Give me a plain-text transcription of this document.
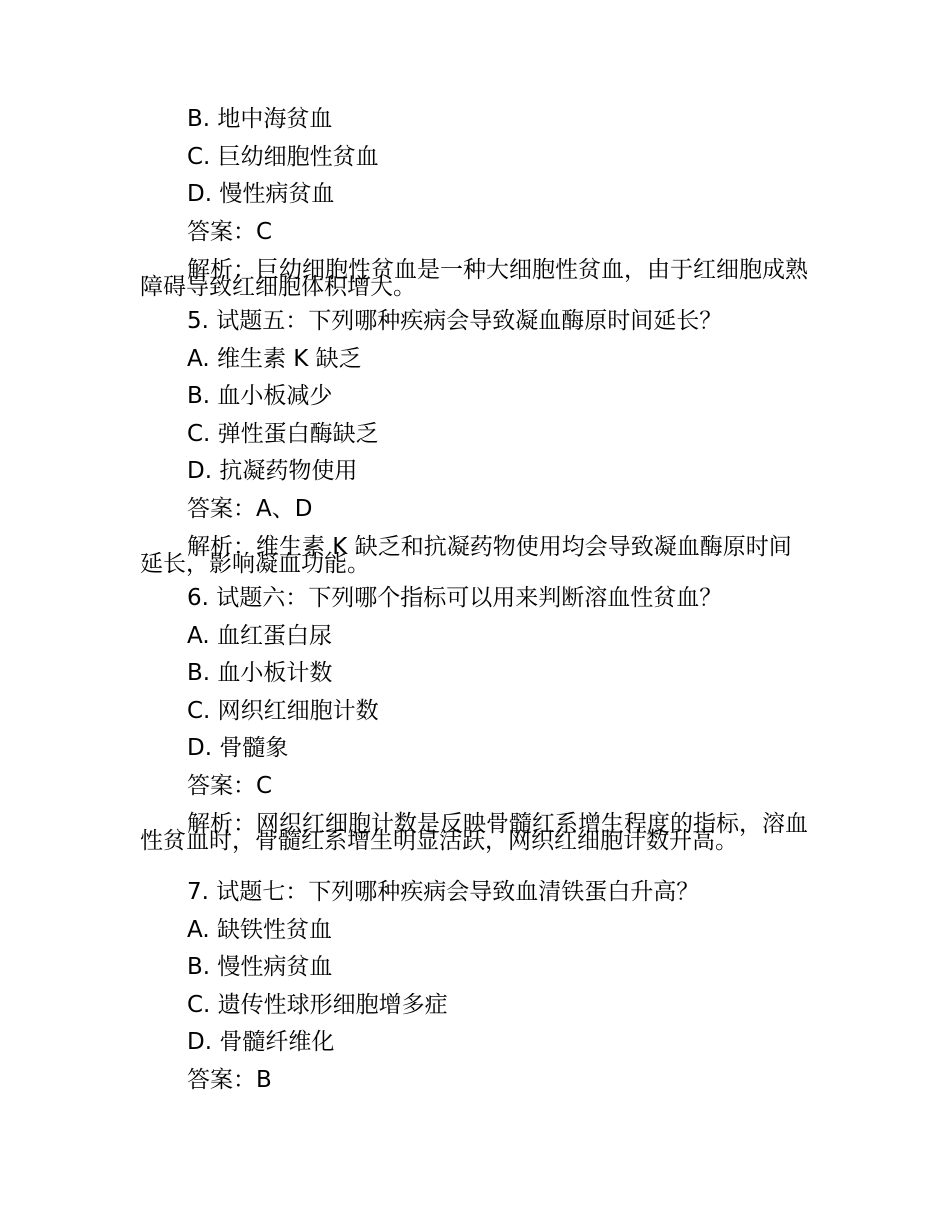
B. 地中海贫血

C. 巨幼细胞性贫血

D. 慢性病贫血

答案：C

解析：巨幼细胞性贫血是一种大细胞性贫血，由于红细胞成熟障碍导致红细胞体积增大。

5. 试题五：下列哪种疾病会导致凝血酶原时间延长？

A. 维生素 K 缺乏

B. 血小板减少

C. 弹性蛋白酶缺乏

D. 抗凝药物使用

答案：A、D

解析：维生素 K 缺乏和抗凝药物使用均会导致凝血酶原时间延长，影响凝血功能。

6. 试题六：下列哪个指标可以用来判断溶血性贫血？

A. 血红蛋白尿

B. 血小板计数

C. 网织红细胞计数

D. 骨髓象

答案：C

解析：网织红细胞计数是反映骨髓红系增生程度的指标，溶血性贫血时，骨髓红系增生明显活跃，网织红细胞计数升高。

7. 试题七：下列哪种疾病会导致血清铁蛋白升高？

A. 缺铁性贫血

B. 慢性病贫血

C. 遗传性球形细胞增多症

D. 骨髓纤维化

答案：B
